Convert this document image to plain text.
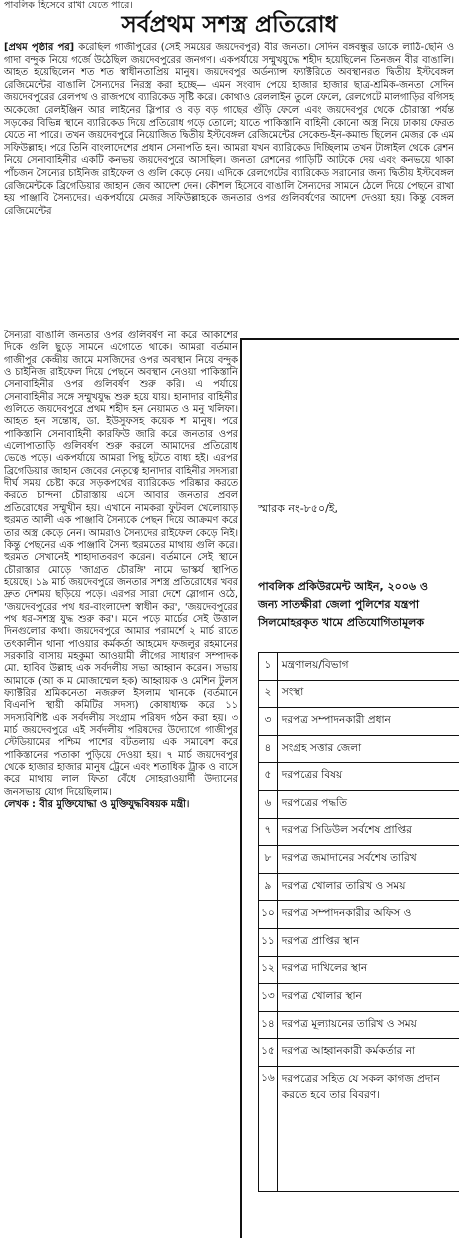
পাবলিক হিসেবে রাখা যেতে পারে।
সর্বপ্রথম সশস্ত্র প্রতিরোধ
[প্রথম পৃষ্ঠার পর] করেছিল গাজীপুরের (সেই সময়ের জয়দেবপুর) বীর জনতা। সেদিন বঙ্গবন্ধুর ডাকে লাঠি-ছেনি ও গাদা বন্দুক নিয়ে গর্জে উঠেছিল জয়দেবপুরের জনগণ। একপর্যায়ে সম্মুখযুদ্ধে শহীদ হয়েছিলেন তিনজন বীর বাঙালি। আহত হয়েছিলেন শত শত স্বাধীনতাপ্রিয় মানুষ। জয়দেবপুর অর্ডন্যান্স ফ্যাক্টরিতে অবস্থানরত দ্বিতীয় ইস্টবেঙ্গল রেজিমেন্টের বাঙালি সৈন্যদের নিরস্ত্র করা হচ্ছে— এমন সংবাদ পেয়ে হাজার হাজার ছাত্র-শ্রমিক-জনতা সেদিন জয়দেবপুরের রেলপথ ও রাজপথে ব্যারিকেড সৃষ্টি করে। কোথাও রেললাইন তুলে ফেলে, রেলগেটে মালগাড়ির বগিসহ অকেজো রেলইঞ্জিন আর লাইনের স্লিপার ও বড় বড় গাছের গুঁড়ি ফেলে এবং জয়দেবপুর থেকে চৌরাস্তা পর্যন্ত সড়কের বিভিন্ন স্থানে ব্যারিকেড দিয়ে প্রতিরোধ গড়ে তোলে; যাতে পাকিস্তানি বাহিনী কোনো অস্ত্র নিয়ে ঢাকায় ফেরত যেতে না পারে। তখন জয়দেবপুরে নিয়োজিত দ্বিতীয় ইস্টবেঙ্গল রেজিমেন্টের সেকেন্ড-ইন-কমান্ড ছিলেন মেজর কে এম সফিউল্লাহ। পরে তিনি বাংলাদেশের প্রধান সেনাপতি হন। আমরা যখন ব্যারিকেড দিচ্ছিলাম তখন টাঙ্গাইল থেকে রেশন নিয়ে সেনাবাহিনীর একটি কনভয় জয়দেবপুরে আসছিল। জনতা রেশনের গাড়িটি আটকে দেয় এবং কনভয়ে থাকা পাঁচজন সৈন্যের চাইনিজ রাইফেল ও গুলি কেড়ে নেয়। এদিকে রেলগেটের ব্যারিকেড সরানোর জন্য দ্বিতীয় ইস্টবেঙ্গল রেজিমেন্টকে ব্রিগেডিয়ার জাহান জেব আদেশ দেন। কৌশল হিসেবে বাঙালি সৈন্যদের সামনে ঠেলে দিয়ে পেছনে রাখা হয় পাঞ্জাবি সৈন্যদের। একপর্যায়ে মেজর সফিউল্লাহকে জনতার ওপর গুলিবর্ষণের আদেশ দেওয়া হয়। কিন্তু বেঙ্গল রেজিমেন্টের
সৈন্যরা বাঙালি জনতার ওপর গুলিবর্ষণ না করে আকাশের দিকে গুলি ছুড়ে সামনে এগোতে থাকে। আমরা বর্তমান গাজীপুর কেন্দ্রীয় জামে মসজিদের ওপর অবস্থান নিয়ে বন্দুক ও চাইনিজ রাইফেল দিয়ে পেছনে অবস্থান নেওয়া পাকিস্তানি সেনাবাহিনীর ওপর গুলিবর্ষণ শুরু করি। এ পর্যায়ে সেনাবাহিনীর সঙ্গে সম্মুখযুদ্ধ শুরু হয়ে যায়। হানাদার বাহিনীর গুলিতে জয়দেবপুরে প্রথম শহীদ হন নেয়ামত ও মনু খলিফা। আহত হন সন্তোষ, ডা. ইউসুফসহ কয়েক শ মানুষ। পরে পাকিস্তানি সেনাবাহিনী কারফিউ জারি করে জনতার ওপর এলোপাতাড়ি গুলিবর্ষণ শুরু করলে আমাদের প্রতিরোধ ভেঙে পড়ে। একপর্যায়ে আমরা পিছু হটতে বাধ্য হই। এরপর ব্রিগেডিয়ার জাহান জেবের নেতৃত্বে হানাদার বাহিনীর সদস্যরা দীর্ঘ সময় চেষ্টা করে সড়কপথের ব্যারিকেড পরিষ্কার করতে করতে চান্দনা চৌরাস্তায় এসে আবার জনতার প্রবল প্রতিরোধের সম্মুখীন হয়। এখানে নামকরা ফুটবল খেলোয়াড় হুরমত আলী এক পাঞ্জাবি সৈন্যকে পেছন দিয়ে আক্রমণ করে তার অস্ত্র কেড়ে নেন। আমরাও সৈন্যদের রাইফেল কেড়ে নিই। কিন্তু পেছনের এক পাঞ্জাবি সৈন্য হুরমতের মাথায় গুলি করে। হুরমত সেখানেই শাহাদাতবরণ করেন। বর্তমানে সেই স্থানে চৌরাস্তার মোড়ে 'জাগ্রত চৌরঙ্গি' নামে ভাস্কর্য স্থাপিত হয়েছে। ১৯ মার্চ জয়দেবপুরে জনতার সশস্ত্র প্রতিরোধের খবর দ্রুত দেশময় ছড়িয়ে পড়ে। এরপর সারা দেশে স্লোগান ওঠে, 'জয়দেবপুরের পথ ধর-বাংলাদেশ স্বাধীন কর', 'জয়দেবপুরের পথ ধর-সশস্ত্র যুদ্ধ শুরু কর'। মনে পড়ে মার্চের সেই উত্তাল দিনগুলোর কথা। জয়দেবপুরে আমার পরামর্শে ২ মার্চ রাতে তৎকালীন থানা পাওয়ার কর্মকর্তা আহমেদ ফজলুর রহমানের সরকারি বাসায় মহকুমা আওয়ামী লীগের সাধারণ সম্পাদক মো. হাবিব উল্লাহ এক সর্বদলীয় সভা আহ্বান করেন। সভায় আমাকে (আ ক ম মোজাম্মেল হক) আহ্বায়ক ও মেশিন টুলস ফ্যাক্টরির শ্রমিকনেতা নজরুল ইসলাম খানকে (বর্তমানে বিএনপি স্থায়ী কমিটির সদস্য) কোষাধ্যক্ষ করে ১১ সদস্যবিশিষ্ট এক সর্বদলীয় সংগ্রাম পরিষদ গঠন করা হয়। ৩ মার্চ জয়দেবপুরে এই সর্বদলীয় পরিষদের উদ্যোগে গাজীপুর স্টেডিয়ামের পশ্চিম পাশের বটতলায় এক সমাবেশ করে পাকিস্তানের পতাকা পুড়িয়ে দেওয়া হয়। ৭ মার্চ জয়দেবপুর থেকে হাজার হাজার মানুষ ট্রেনে এবং শতাধিক ট্রাক ও বাসে করে মাথায় লাল ফিতা বেঁধে সোহরাওয়ার্দী উদ্যানের জনসভায় যোগ দিয়েছিলাম।
লেখক : বীর মুক্তিযোদ্ধা ও মুক্তিযুদ্ধবিষয়ক মন্ত্রী।
স্মারক নং-৮৫০/ই,
পাবলিক প্রকিউরমেন্ট আইন, ২০০৬ ও
জন্য সাতক্ষীরা জেলা পুলিশের যন্ত্রপা
সিলমোহরকৃত খামে প্রতিযোগিতামূলক
১	মন্ত্রণালয়/বিভাগ
২	সংস্থা
৩	দরপত্র সম্পাদনকারী প্রধান
৪	সংগ্রহ সত্তার জেলা
৫	দরপত্রের বিষয়
৬	দরপত্রের পদ্ধতি
৭	দরপত্র সিডিউল সর্বশেষ প্রাপ্তির
৮	দরপত্র জমাদানের সর্বশেষ তারিখ
৯	দরপত্র খোলার তারিখ ও সময়
১০	দরপত্র সম্পাদনকারীর অফিস ও
১১	দরপত্র প্রাপ্তির স্থান
১২	দরপত্র দাখিলের স্থান
১৩	দরপত্র খোলার স্থান
১৪	দরপত্র মূল্যায়নের তারিখ ও সময়
১৫	দরপত্র আহ্বানকারী কর্মকর্তার না
১৬	দরপত্রের সহিত যে সকল কাগজ প্রদান করতে হবে তার বিবরণ।
